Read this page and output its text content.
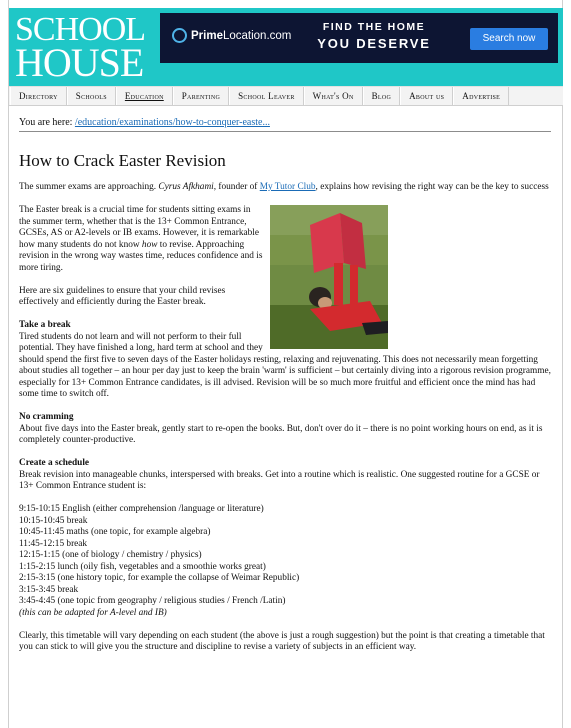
SCHOOL
HOUSE
PrimeLocation.com
FIND THE HOME
YOU DESERVE	Search now
Directory	Schools	Education	Parenting	School Leaver	What's On	Blog	About us	Advertise
You are here: /education/examinations/how-to-conquer-easte...
How to Crack Easter Revision

The summer exams are approaching. Cyrus Afkhami, founder of My Tutor Club, explains how revising the right way can be the key to success

The Easter break is a crucial time for students sitting exams in the summer term, whether that is the 13+ Common Entrance, GCSEs, AS or A2-levels or IB exams. However, it is remarkable how many students do not know how to revise. Approaching revision in the wrong way wastes time, reduces confidence and is more tiring.

Here are six guidelines to ensure that your child revises effectively and efficiently during the Easter break.

Take a break
Tired students do not learn and will not perform to their full potential. They have finished a long, hard term at school and they should spend the first five to seven days of the Easter holidays resting, relaxing and rejuvenating. This does not necessarily mean forgetting about studies all together – an hour per day just to keep the brain 'warm' is sufficient – but certainly diving into a rigorous revision programme, especially for 13+ Common Entrance candidates, is ill advised. Revision will be so much more fruitful and efficient once the mind has had some time to switch off.

No cramming
About five days into the Easter break, gently start to re-open the books. But, don't over do it – there is no point working hours on end, as it is completely counter-productive.

Create a schedule
Break revision into manageable chunks, interspersed with breaks. Get into a routine which is realistic. One suggested routine for a GCSE or 13+ Common Entrance student is:

9:15-10:15 English (either comprehension /language or literature)
10:15-10:45 break
10:45-11:45 maths (one topic, for example algebra)
11:45-12:15 break
12:15-1:15 (one of biology / chemistry / physics)
1:15-2:15 lunch (oily fish, vegetables and a smoothie works great)
2:15-3:15 (one history topic, for example the collapse of Weimar Republic)
3:15-3:45 break
3:45-4:45 (one topic from geography / religious studies / French /Latin)
(this can be adapted for A-level and IB)

Clearly, this timetable will vary depending on each student (the above is just a rough suggestion) but the point is that creating a timetable that you can stick to will give you the structure and discipline to revise a variety of subjects in an efficient way.
